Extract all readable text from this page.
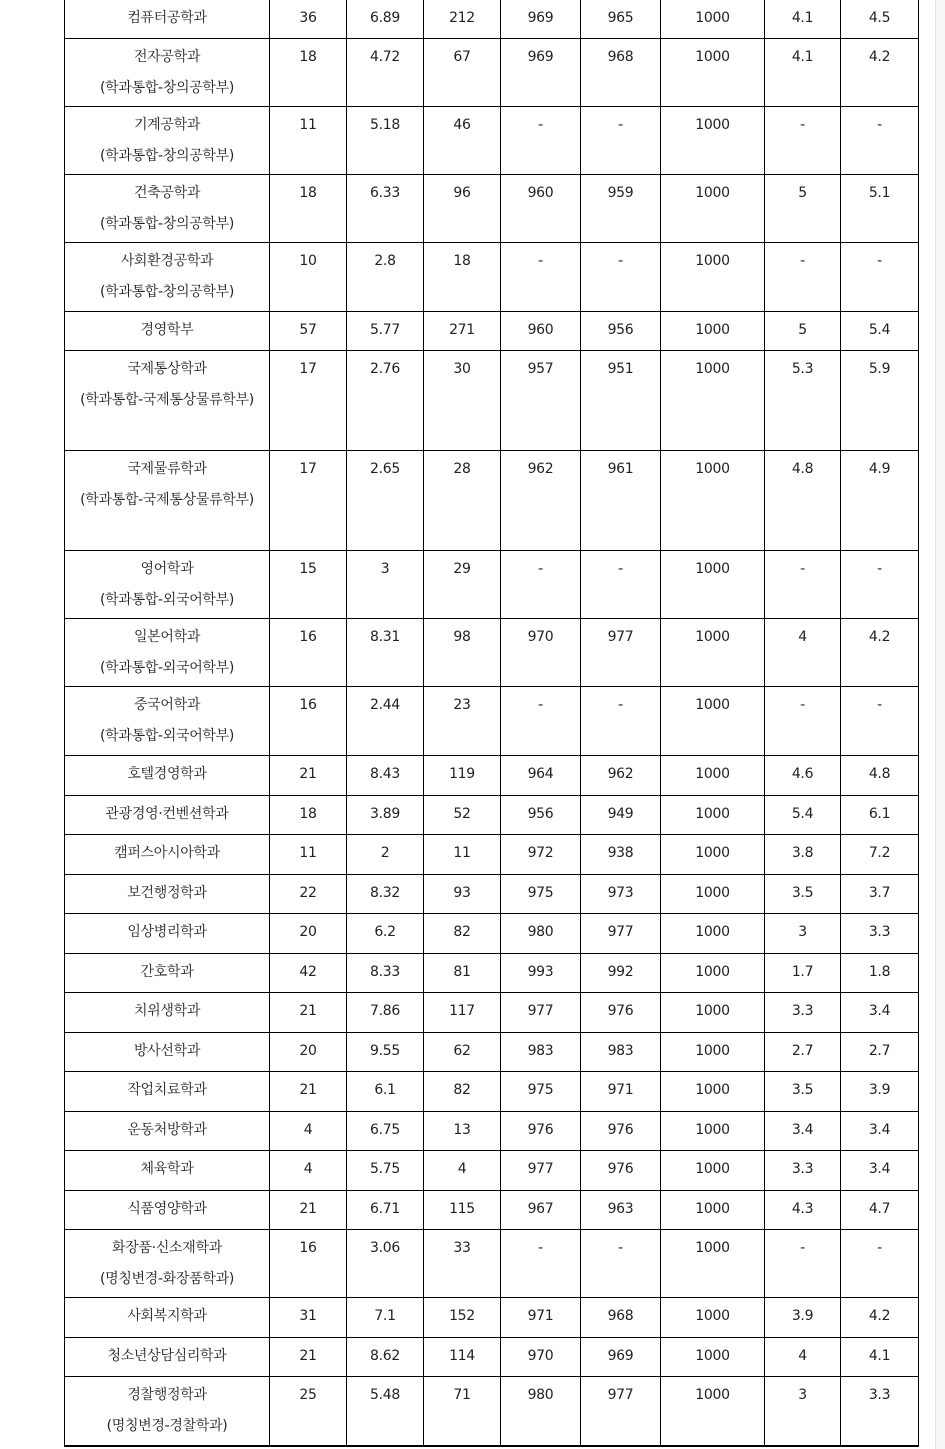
컴퓨터공학과	36	6.89	212	969	965	1000	4.1	4.5

전자공학과
(학과통합-창의공학부)	18	4.72	67	969	968	1000	4.1	4.2

기계공학과
(학과통합-창의공학부)	11	5.18	46	-	-	1000	-	-

건축공학과
(학과통합-창의공학부)	18	6.33	96	960	959	1000	5	5.1

사회환경공학과
(학과통합-창의공학부)	10	2.8	18	-	-	1000	-	-

경영학부	57	5.77	271	960	956	1000	5	5.4

국제통상학과
(학과통합-국제통상물류학부)	17	2.76	30	957	951	1000	5.3	5.9

국제물류학과
(학과통합-국제통상물류학부)	17	2.65	28	962	961	1000	4.8	4.9

영어학과
(학과통합-외국어학부)	15	3	29	-	-	1000	-	-

일본어학과
(학과통합-외국어학부)	16	8.31	98	970	977	1000	4	4.2

중국어학과
(학과통합-외국어학부)	16	2.44	23	-	-	1000	-	-

호텔경영학과	21	8.43	119	964	962	1000	4.6	4.8

관광경영·컨벤션학과	18	3.89	52	956	949	1000	5.4	6.1

캠퍼스아시아학과	11	2	11	972	938	1000	3.8	7.2

보건행정학과	22	8.32	93	975	973	1000	3.5	3.7

임상병리학과	20	6.2	82	980	977	1000	3	3.3

간호학과	42	8.33	81	993	992	1000	1.7	1.8

치위생학과	21	7.86	117	977	976	1000	3.3	3.4

방사선학과	20	9.55	62	983	983	1000	2.7	2.7

작업치료학과	21	6.1	82	975	971	1000	3.5	3.9

운동처방학과	4	6.75	13	976	976	1000	3.4	3.4

체육학과	4	5.75	4	977	976	1000	3.3	3.4

식품영양학과	21	6.71	115	967	963	1000	4.3	4.7

화장품·신소재학과
(명칭변경-화장품학과)	16	3.06	33	-	-	1000	-	-

사회복지학과	31	7.1	152	971	968	1000	3.9	4.2

청소년상담심리학과	21	8.62	114	970	969	1000	4	4.1

경찰행정학과
(명칭변경-경찰학과)	25	5.48	71	980	977	1000	3	3.3
